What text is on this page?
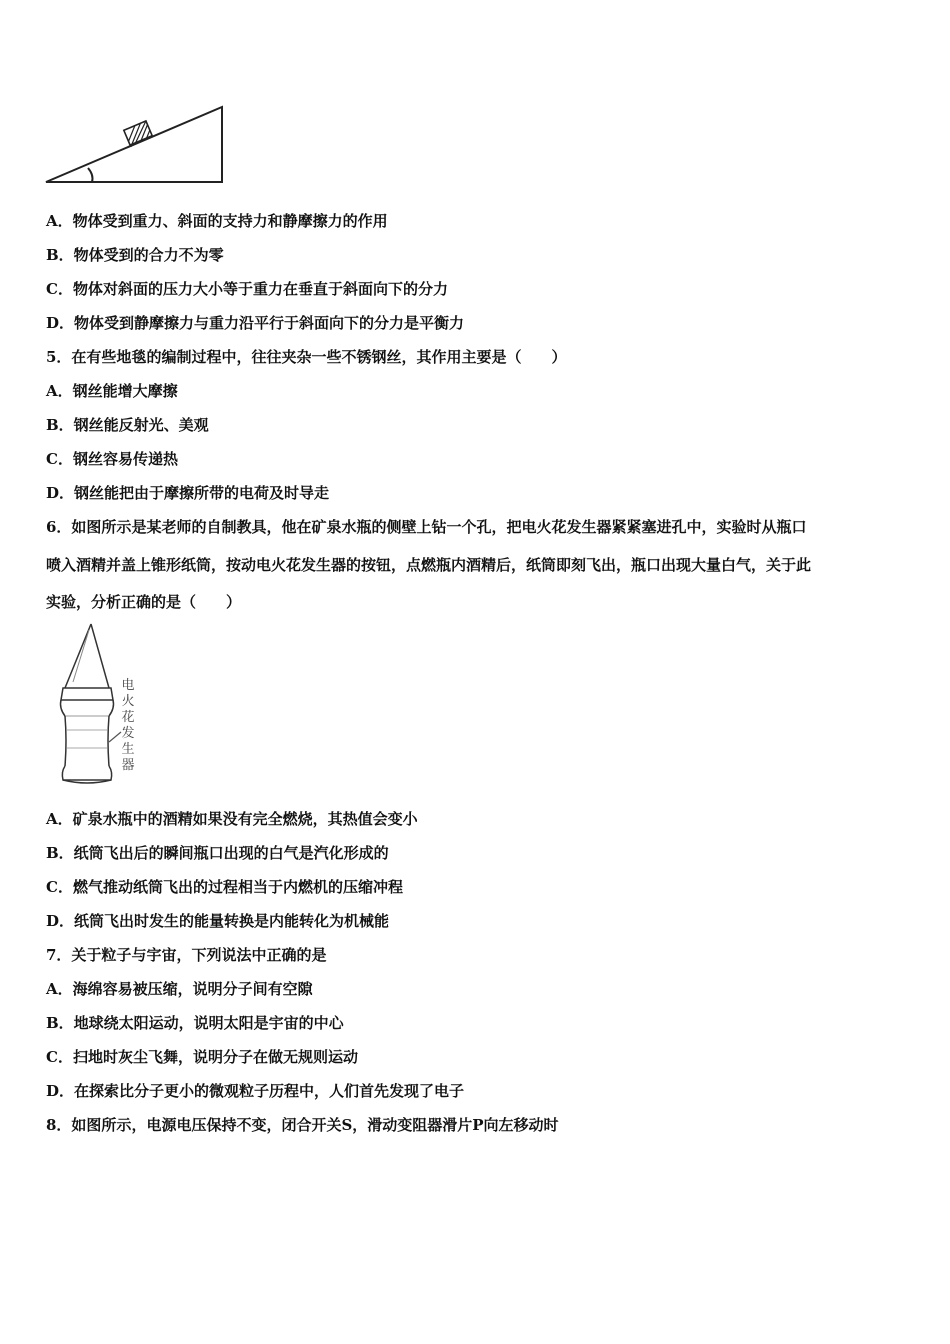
A．物体受到重力、斜面的支持力和静摩擦力的作用
B．物体受到的合力不为零
C．物体对斜面的压力大小等于重力在垂直于斜面向下的分力
D．物体受到静摩擦力与重力沿平行于斜面向下的分力是平衡力
5．在有些地毯的编制过程中，往往夹杂一些不锈钢丝，其作用主要是（　　）
A．钢丝能增大摩擦
B．钢丝能反射光、美观
C．钢丝容易传递热
D．钢丝能把由于摩擦所带的电荷及时导走
6．如图所示是某老师的自制教具，他在矿泉水瓶的侧壁上钻一个孔，把电火花发生器紧紧塞进孔中，实验时从瓶口
喷入酒精并盖上锥形纸筒，按动电火花发生器的按钮，点燃瓶内酒精后，纸筒即刻飞出，瓶口出现大量白气，关于此
实验，分析正确的是（　　）
电
火
花
发
生
器
A．矿泉水瓶中的酒精如果没有完全燃烧，其热值会变小
B．纸筒飞出后的瞬间瓶口出现的白气是汽化形成的
C．燃气推动纸筒飞出的过程相当于内燃机的压缩冲程
D．纸筒飞出时发生的能量转换是内能转化为机械能
7．关于粒子与宇宙，下列说法中正确的是
A．海绵容易被压缩，说明分子间有空隙
B．地球绕太阳运动，说明太阳是宇宙的中心
C．扫地时灰尘飞舞，说明分子在做无规则运动
D．在探索比分子更小的微观粒子历程中，人们首先发现了电子
8．如图所示，电源电压保持不变，闭合开关S，滑动变阻器滑片P向左移动时
